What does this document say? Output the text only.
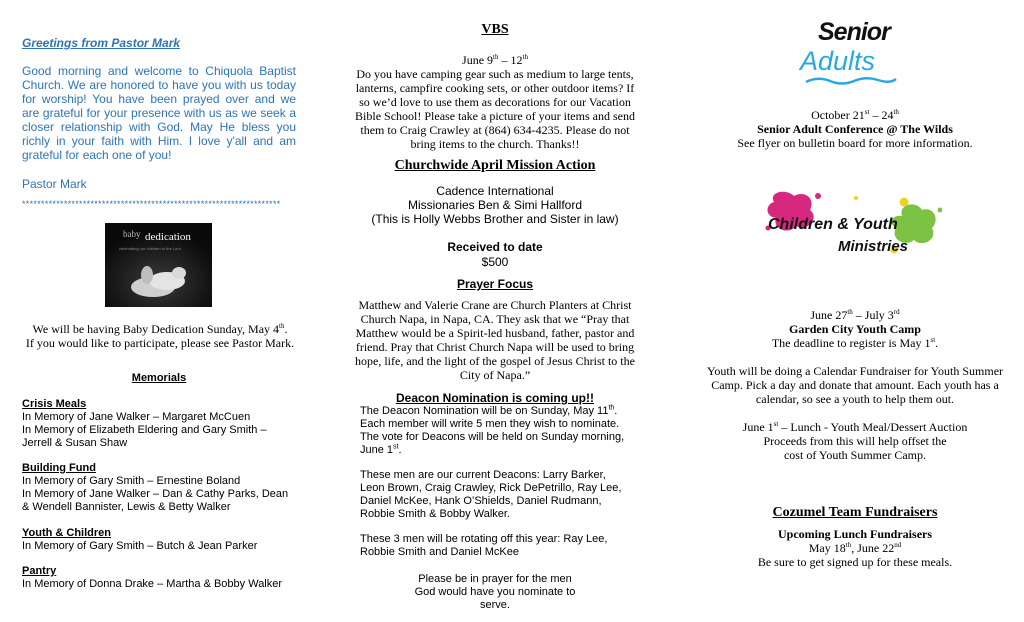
Greetings from Pastor Mark

Good morning and welcome to Chiquola Baptist Church. We are honored to have you with us today for worship! You have been prayed over and we are grateful for your presence with us as we seek a closer relationship with God. May He bless you richly in your faith with Him. I love y'all and am grateful for each one of you!

Pastor Mark

********************************************************************

baby dedication
celebrating our children to the Lord

We will be having Baby Dedication Sunday, May 4th.

If you would like to participate, please see Pastor Mark.

Memorials

Crisis Meals

In Memory of Jane Walker – Margaret McCuen

In Memory of Elizabeth Eldering and Gary Smith –

Jerrell & Susan Shaw

Building Fund

In Memory of Gary Smith – Ernestine Boland

In Memory of Jane Walker – Dan & Cathy Parks, Dean

& Wendell Bannister, Lewis & Betty Walker

Youth & Children

In Memory of Gary Smith – Butch & Jean Parker

Pantry

In Memory of Donna Drake – Martha & Bobby Walker

VBS

June 9th – 12th

Do you have camping gear such as medium to large tents, lanterns, campfire cooking sets, or other outdoor items? If so we’d love to use them as decorations for our Vacation Bible School! Please take a picture of your items and send them to Craig Crawley at (864) 634-4235. Please do not bring items to the church. Thanks!!

Churchwide April Mission Action

Cadence International

Missionaries Ben & Simi Hallford

(This is Holly Webbs Brother and Sister in law)

Received to date

$500

Prayer Focus

Matthew and Valerie Crane are Church Planters at Christ Church Napa, in Napa, CA. They ask that we “Pray that Matthew would be a Spirit-led husband, father, pastor and friend. Pray that Christ Church Napa will be used to bring hope, life, and the light of the gospel of Jesus Christ to the City of Napa.”

Deacon Nomination is coming up!!

The Deacon Nomination will be on Sunday, May 11th. Each member will write 5 men they wish to nominate. The vote for Deacons will be held on Sunday morning, June 1st.

These men are our current Deacons: Larry Barker, Leon Brown, Craig Crawley, Rick DePetrillo, Ray Lee, Daniel McKee, Hank O’Shields, Daniel Rudmann, Robbie Smith & Bobby Walker.

These 3 men will be rotating off this year: Ray Lee, Robbie Smith and Daniel McKee

Please be in prayer for the men God would have you nominate to serve.

Senior
Adults

October 21st – 24th

Senior Adult Conference @ The Wilds

See flyer on bulletin board for more information.

Children & Youth
Ministries

June 27th – July 3rd

Garden City Youth Camp

The deadline to register is May 1st.

Youth will be doing a Calendar Fundraiser for Youth Summer Camp. Pick a day and donate that amount. Each youth has a calendar, so see a youth to help them out.

June 1st – Lunch - Youth Meal/Dessert Auction

Proceeds from this will help offset the

cost of Youth Summer Camp.

Cozumel Team Fundraisers

Upcoming Lunch Fundraisers

May 18th, June 22nd

Be sure to get signed up for these meals.
